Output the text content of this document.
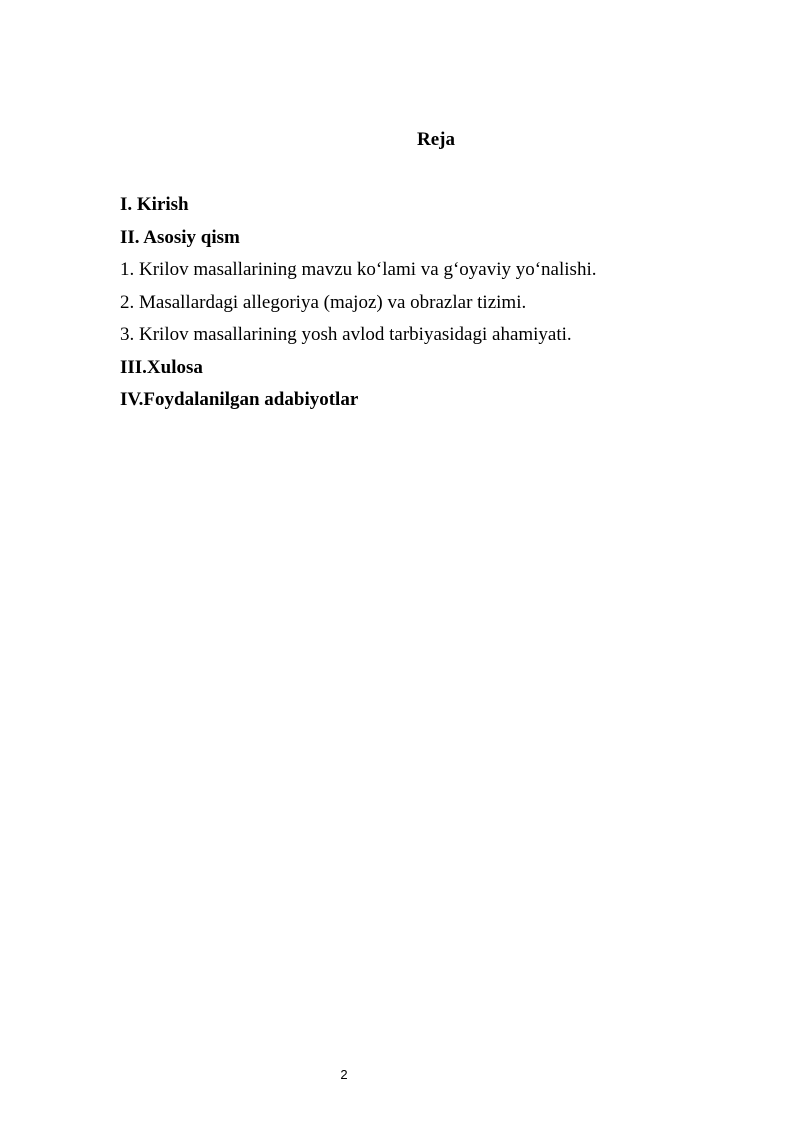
Reja
I. Kirish
II. Asosiy qism
1. Krilov masallarining mavzu koʻlami va gʻoyaviy yoʻnalishi.
2. Masallardagi allegoriya (majoz) va obrazlar tizimi.
3. Krilov masallarining yosh avlod tarbiyasidagi ahamiyati.
III.Xulosa
IV.Foydalanilgan adabiyotlar
2
